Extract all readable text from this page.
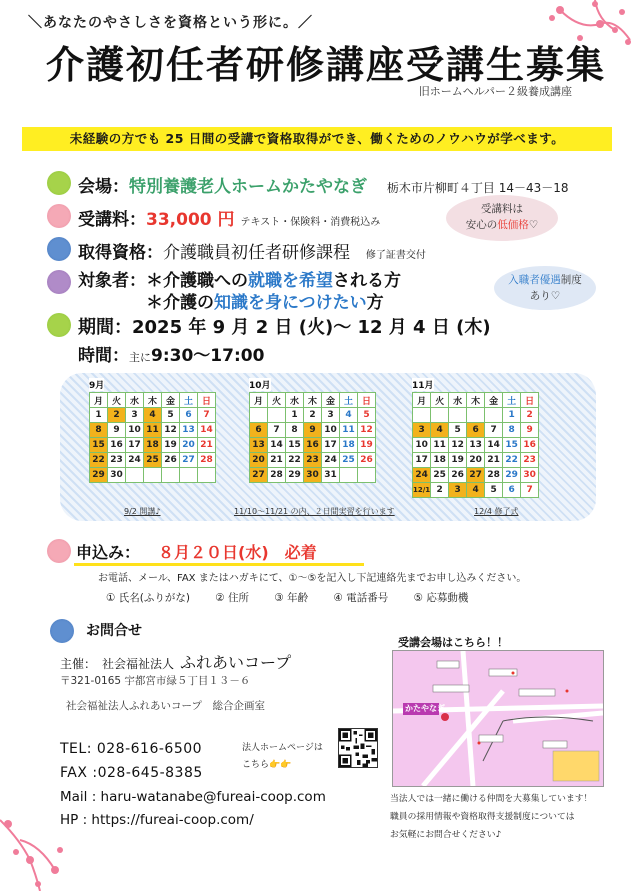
＼あなたのやさしさを資格という形に。／
介護初任者研修講座受講生募集
旧ホームヘルパー２級養成講座
未経験の方でも 25 日間の受講で資格取得ができ、働くためのノウハウが学べます。
会場：特別養護老人ホームかたやなぎ 栃木市片柳町４丁目 14－43－18
受講料：33,000 円 テキスト・保険料・消費税込み
取得資格：介護職員初任者研修課程 修了証書交付
対象者：＊介護職への就職を希望される方
＊介護の知識を身につけたい方
期間：2025 年 9 月 2 日 (火)～ 12 月 4 日 (木)
時間：主に9:30～17:00
受講料は
安心の低価格♡
入職者優遇制度
あり♡
9月
月	火	水	木	金	土	日
1	2	3	4	5	6	7
8	9	10	11	12	13	14
15	16	17	18	19	20	21
22	23	24	25	26	27	28
29	30					
10月
月	火	水	木	金	土	日
		1	2	3	4	5
6	7	8	9	10	11	12
13	14	15	16	17	18	19
20	21	22	23	24	25	26
27	28	29	30	31		
11月
月	火	水	木	金	土	日
					1	2
3	4	5	6	7	8	9
10	11	12	13	14	15	16
17	18	19	20	21	22	23
24	25	26	27	28	29	30
12/1	2	3	4	5	6	7
9/2 開講♪	11/10～11/21 の内、２日間実習を行います	12/4 修了式
申込み： ８月２０日(水)　必着
お電話、メール、FAX またはハガキにて、①～⑤を記入し下記連絡先までお申し込みください。
① 氏名(ふりがな) ② 住所 ③ 年齢 ④ 電話番号 ⑤ 応募動機
お問合せ
主催：　社会福祉法人 ふれあいコープ
〒321-0165 宇都宮市緑５丁目１３－６
社会福祉法人ふれあいコープ　総合企画室
TEL: 028-616-6500
FAX :028-645-8385
Mail : haru-watanabe@fureai-coop.com
HP : https://fureai-coop.com/
法人ホームページは
こちら👉👉
受講会場はこちら！！
かたやなぎ
当法人では一緒に働ける仲間を大募集しています！
職員の採用情報や資格取得支援制度については
お気軽にお問合せください♪
